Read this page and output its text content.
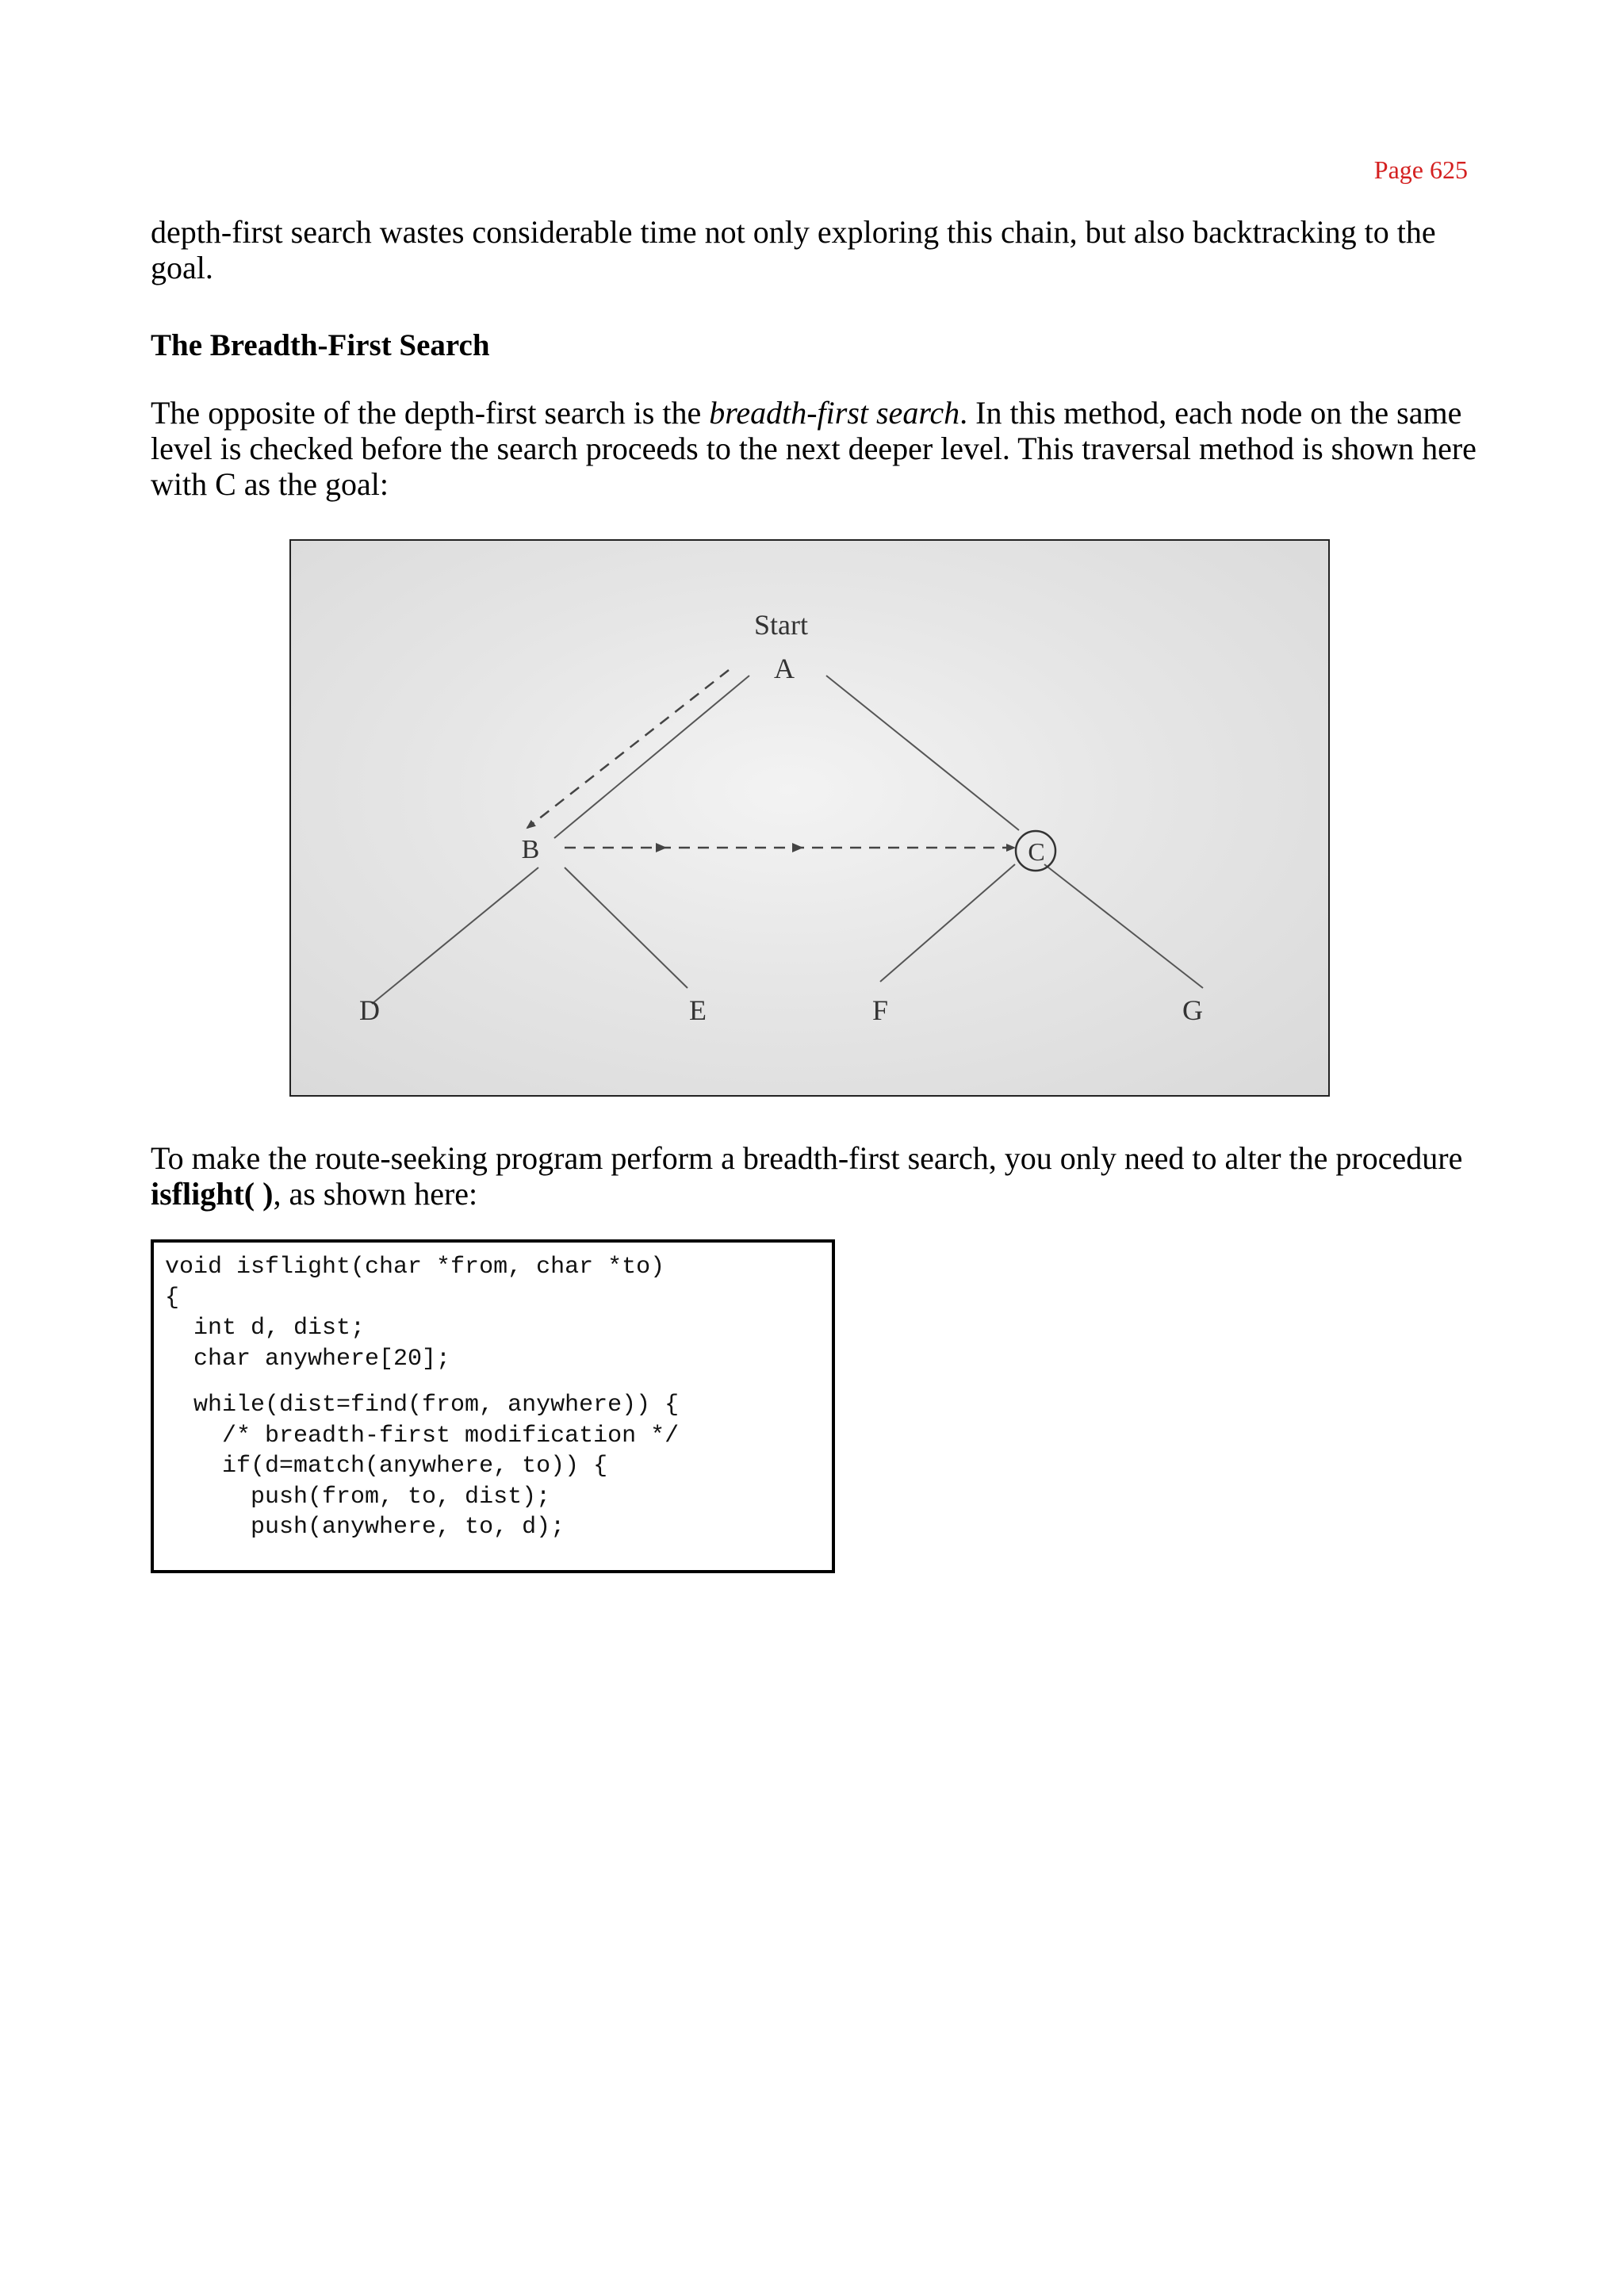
Page 625

depth-first search wastes considerable time not only exploring this chain, but also backtracking to the goal.

The Breadth-First Search

The opposite of the depth-first search is the breadth-first search. In this method, each node on the same level is checked before the search proceeds to the next deeper level. This traversal method is shown here with C as the goal:

Start
A
B	C
D	E	F	G

To make the route-seeking program perform a breadth-first search, you only need to alter the procedure isflight( ), as shown here:

void isflight(char *from, char *to)
{
int d, dist;
char anywhere[20];
while(dist=find(from, anywhere)) {
/* breadth-first modification */
if(d=match(anywhere, to)) {
push(from, to, dist);
push(anywhere, to, d);
